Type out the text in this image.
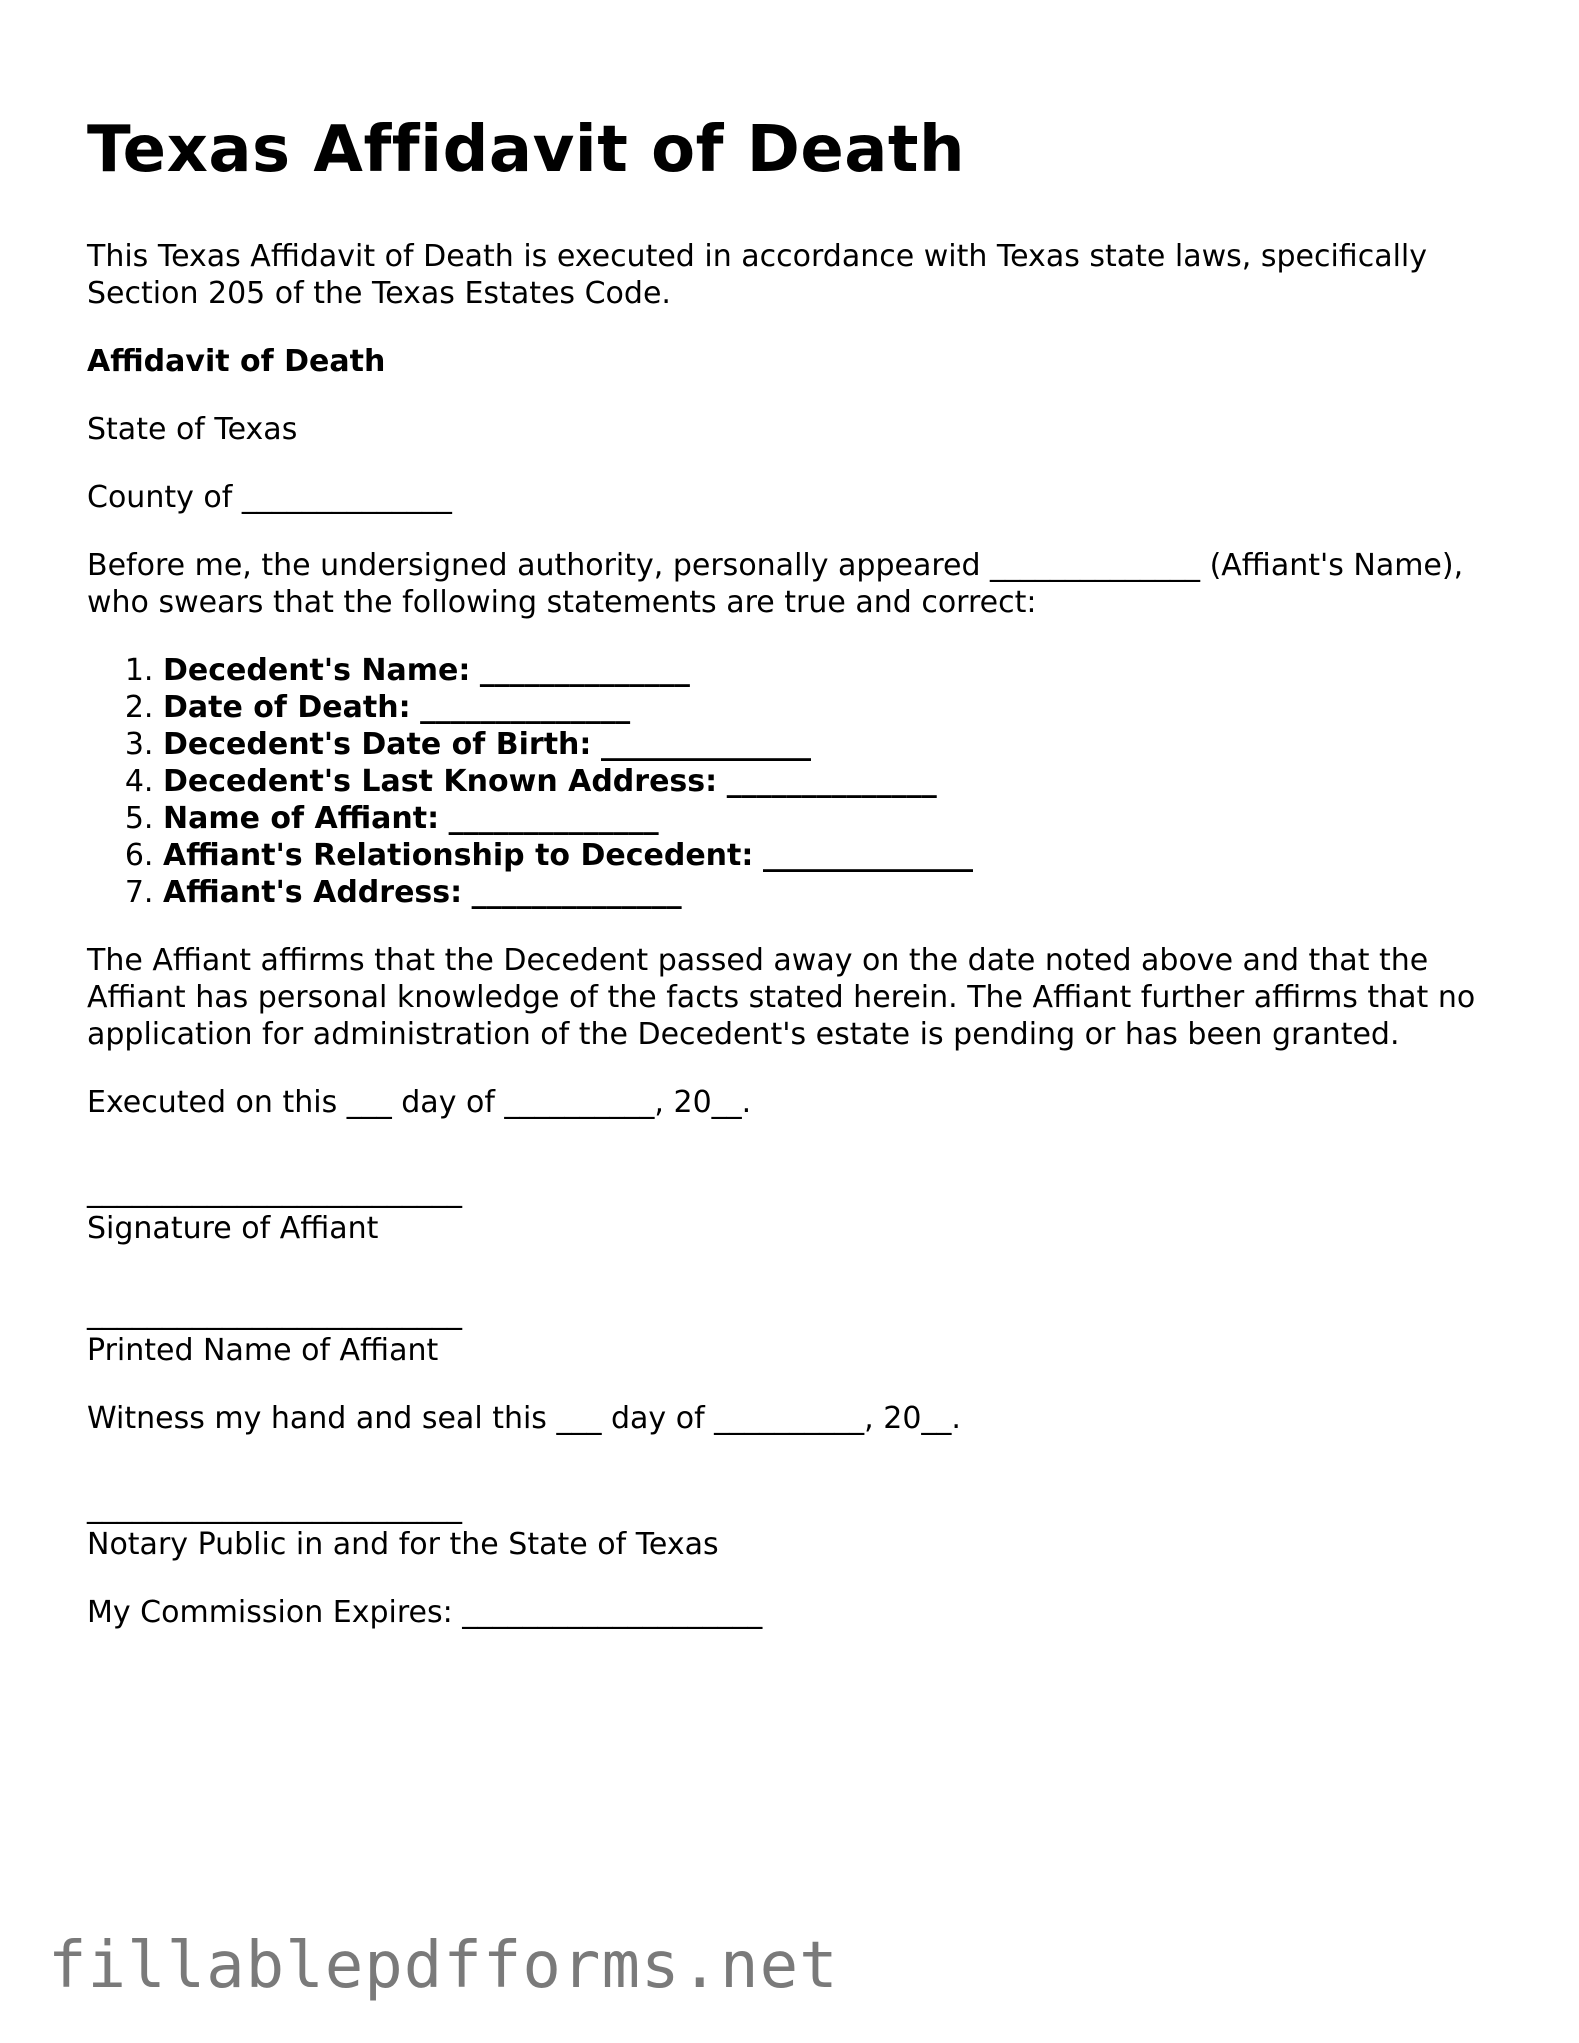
Texas Affidavit of Death

This Texas Affidavit of Death is executed in accordance with Texas state laws, specifically Section 205 of the Texas Estates Code.

Affidavit of Death

State of Texas

County of ______________

Before me, the undersigned authority, personally appeared ______________ (Affiant's Name), who swears that the following statements are true and correct:

1. Decedent's Name: ______________
2. Date of Death: ______________
3. Decedent's Date of Birth: ______________
4. Decedent's Last Known Address: ______________
5. Name of Affiant: ______________
6. Affiant's Relationship to Decedent: ______________
7. Affiant's Address: ______________

The Affiant affirms that the Decedent passed away on the date noted above and that the Affiant has personal knowledge of the facts stated herein. The Affiant further affirms that no application for administration of the Decedent's estate is pending or has been granted.

Executed on this ___ day of __________, 20__.

_________________________
Signature of Affiant
_________________________
Printed Name of Affiant

Witness my hand and seal this ___ day of __________, 20__.

_________________________
Notary Public in and for the State of Texas

My Commission Expires: ____________________

fillablepdfforms.net
